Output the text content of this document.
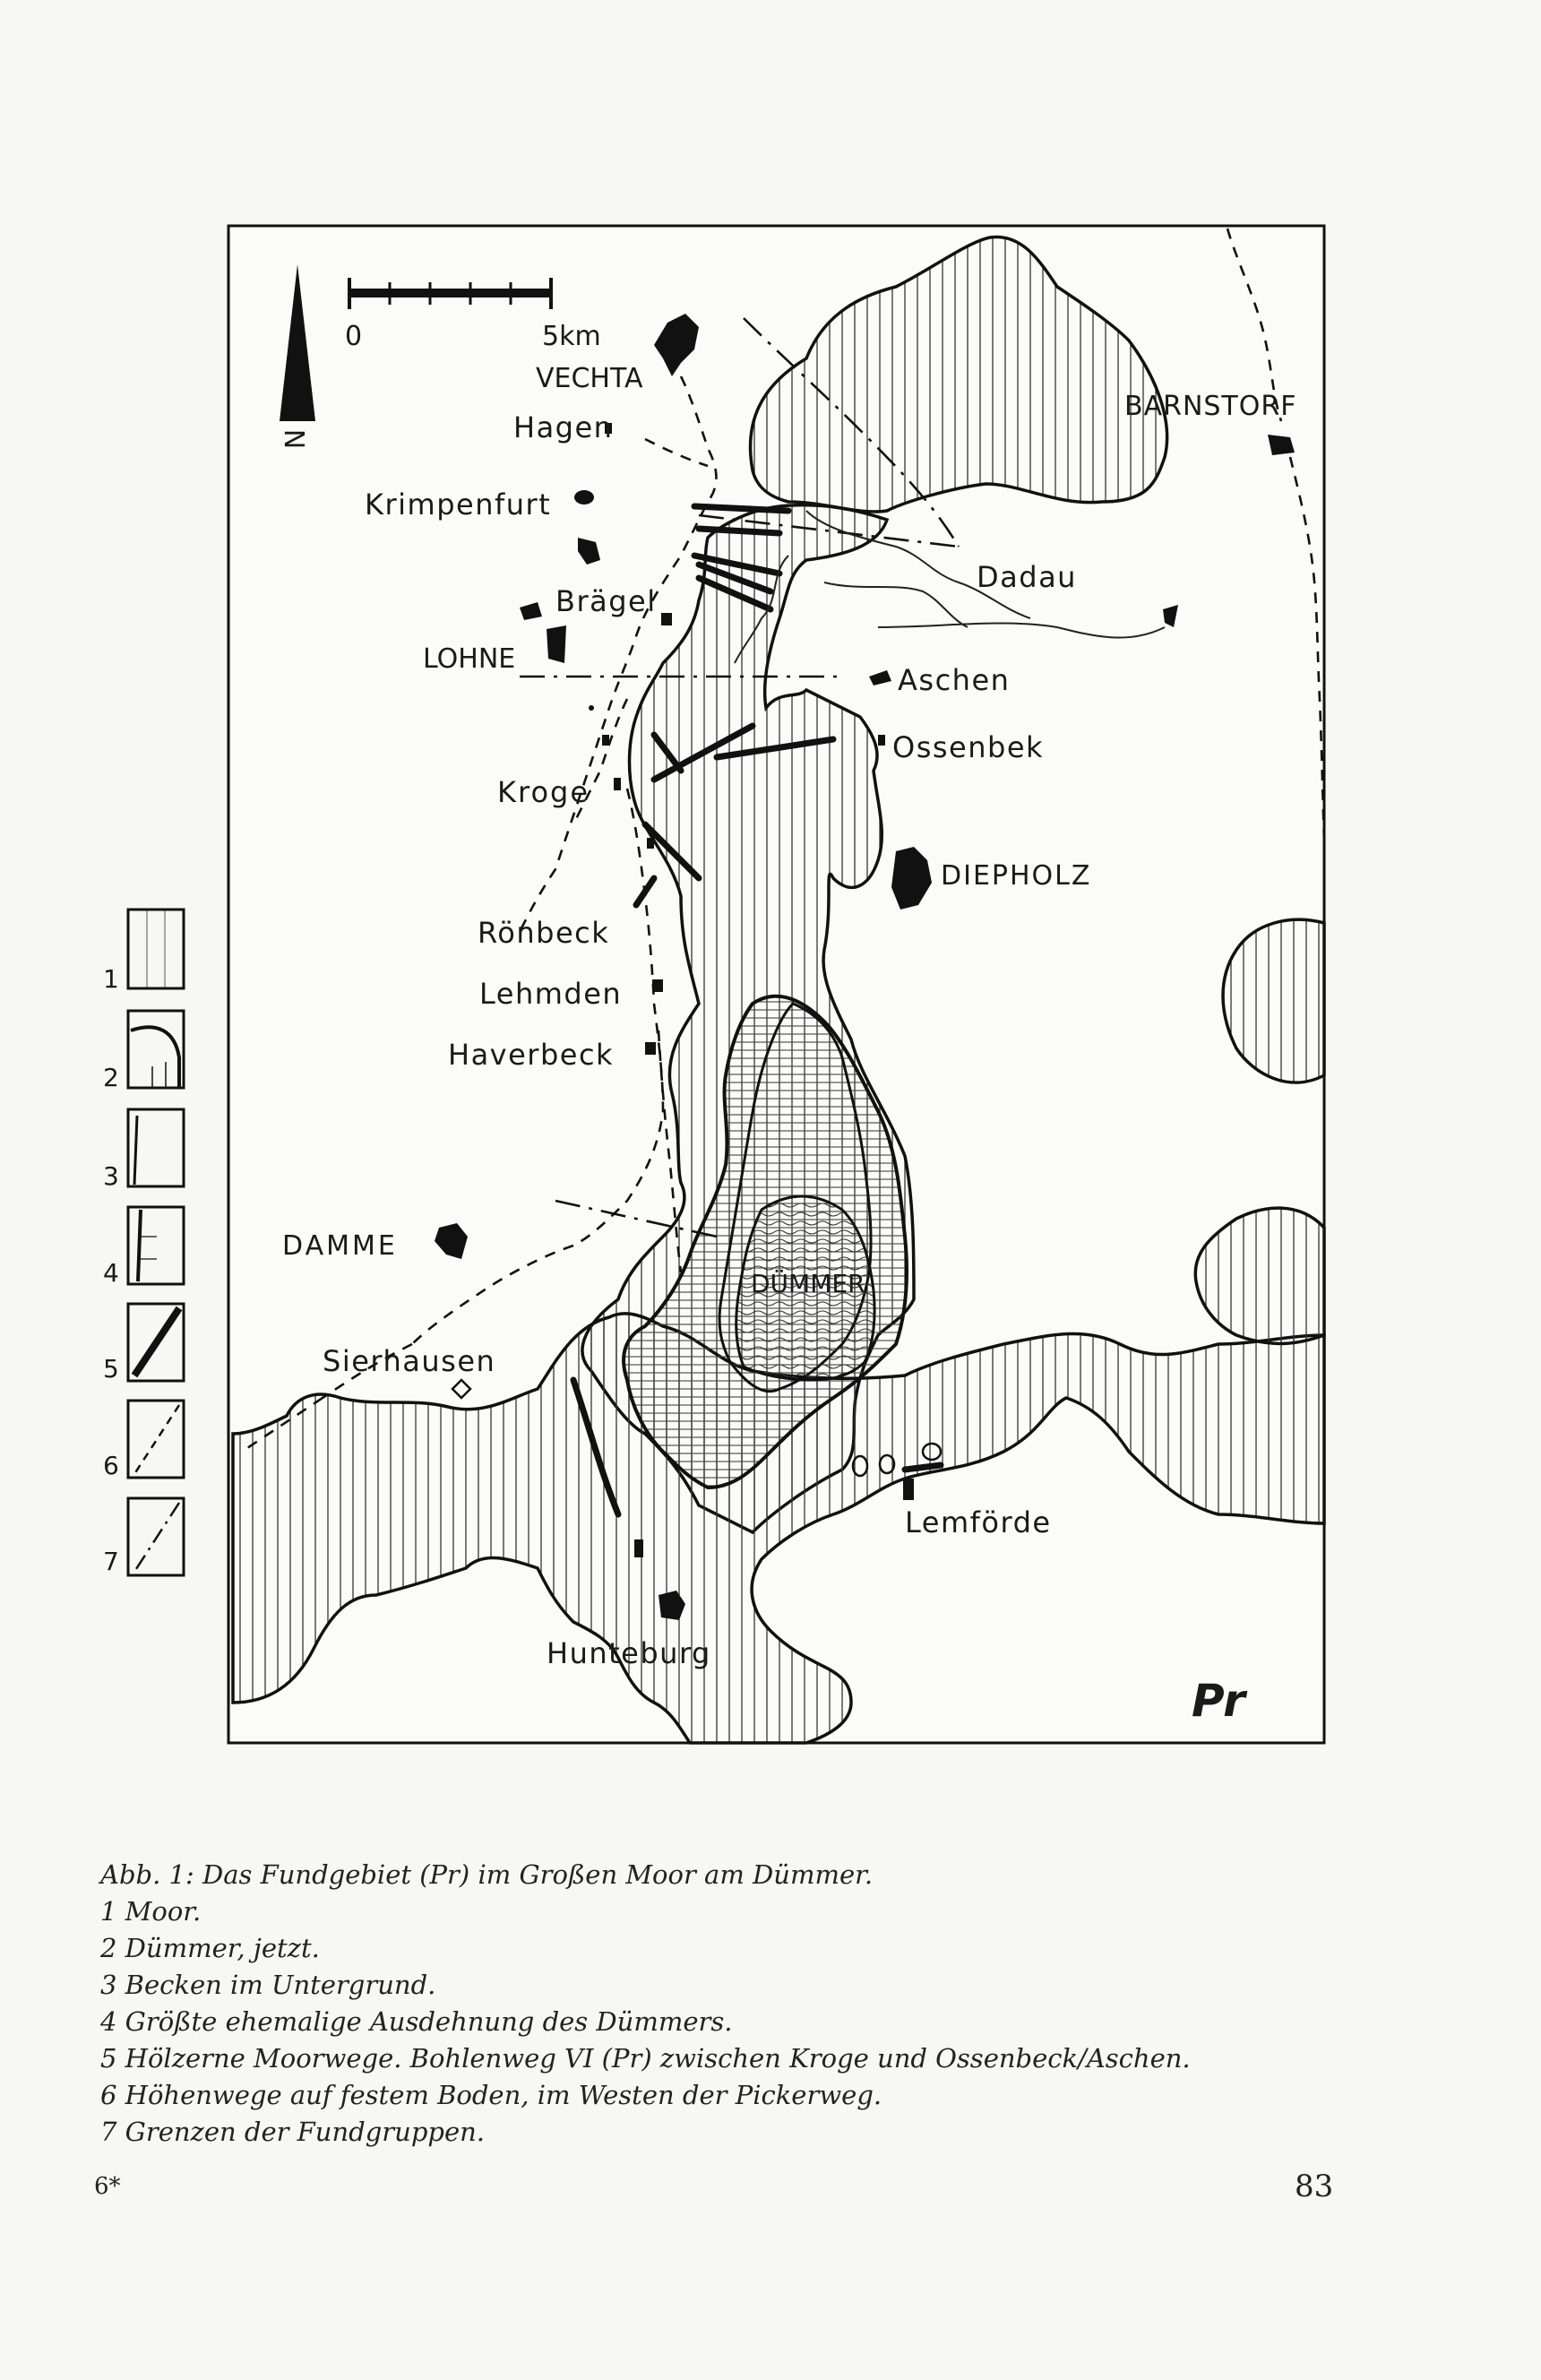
0	5km
N
1
2
3
4
5
6
7
VECHTA
Hagen
Krimpenfurt
Brägel
LOHNE
Kroge
Rönbeck
Lehmden
Haverbeck
DAMME
Sierhausen
Hunteburg
BARNSTORF
Dadau
Aschen
Ossenbek
DIEPHOLZ
DÜMMER
Lemförde
Pr
Abb. 1: Das Fundgebiet (Pr) im Großen Moor am Dümmer.
1 Moor.
2 Dümmer, jetzt.
3 Becken im Untergrund.
4 Größte ehemalige Ausdehnung des Dümmers.
5 Hölzerne Moorwege. Bohlenweg VI (Pr) zwischen Kroge und Ossenbeck/Aschen.
6 Höhenwege auf festem Boden, im Westen der Pickerweg.
7 Grenzen der Fundgruppen.
6*	83
